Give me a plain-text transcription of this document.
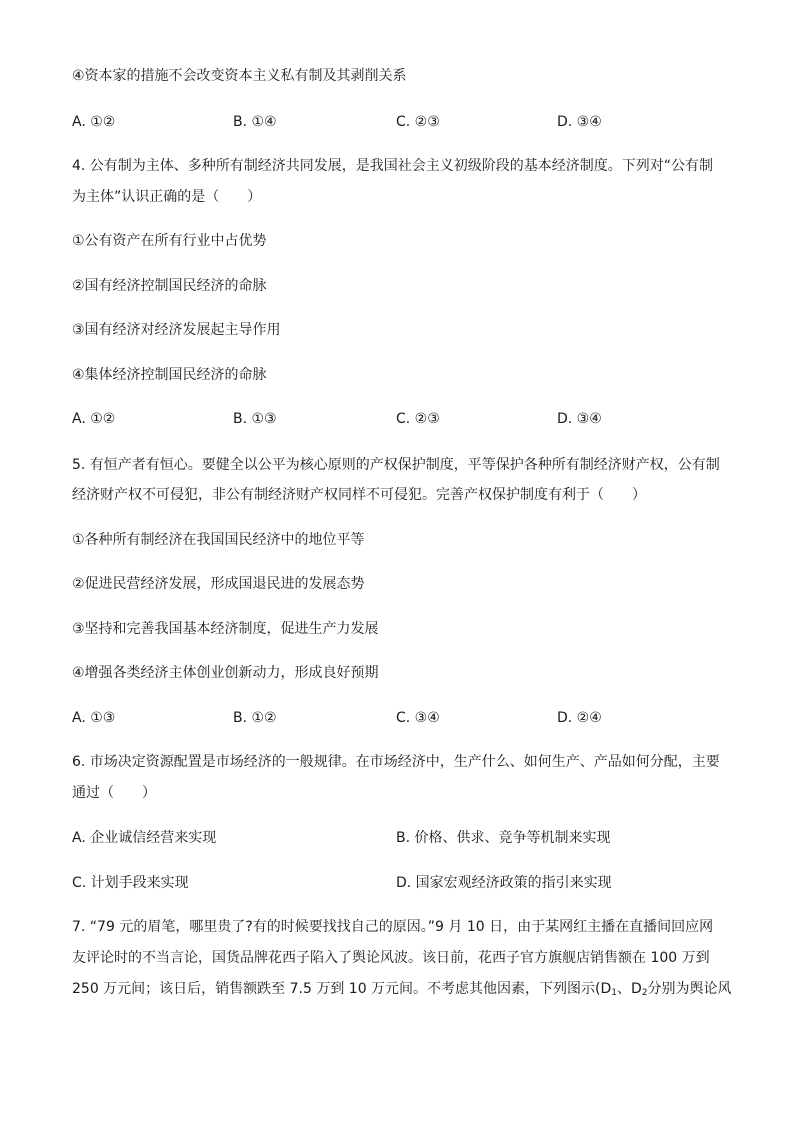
④资本家的措施不会改变资本主义私有制及其剥削关系
A. ①②	B. ①④	C. ②③	D. ③④
4. 公有制为主体、多种所有制经济共同发展，是我国社会主义初级阶段的基本经济制度。下列对“公有制
为主体”认识正确的是（　　）
①公有资产在所有行业中占优势
②国有经济控制国民经济的命脉
③国有经济对经济发展起主导作用
④集体经济控制国民经济的命脉
A. ①②	B. ①③	C. ②③	D. ③④
5. 有恒产者有恒心。要健全以公平为核心原则的产权保护制度，平等保护各种所有制经济财产权，公有制
经济财产权不可侵犯，非公有制经济财产权同样不可侵犯。完善产权保护制度有利于（　　）
①各种所有制经济在我国国民经济中的地位平等
②促进民营经济发展，形成国退民进的发展态势
③坚持和完善我国基本经济制度，促进生产力发展
④增强各类经济主体创业创新动力，形成良好预期
A. ①③	B. ①②	C. ③④	D. ②④
6. 市场决定资源配置是市场经济的一般规律。在市场经济中，生产什么、如何生产、产品如何分配，主要
通过（　　）
A. 企业诚信经营来实现	B. 价格、供求、竞争等机制来实现
C. 计划手段来实现	D. 国家宏观经济政策的指引来实现
7. “79 元的眉笔，哪里贵了?有的时候要找找自己的原因。”9 月 10 日，由于某网红主播在直播间回应网
友评论时的不当言论，国货品牌花西子陷入了舆论风波。该日前，花西子官方旗舰店销售额在 100 万到
250 万元间；该日后，销售额跌至 7.5 万到 10 万元间。不考虑其他因素，下列图示($D_1$、$D_2$分别为舆论风
